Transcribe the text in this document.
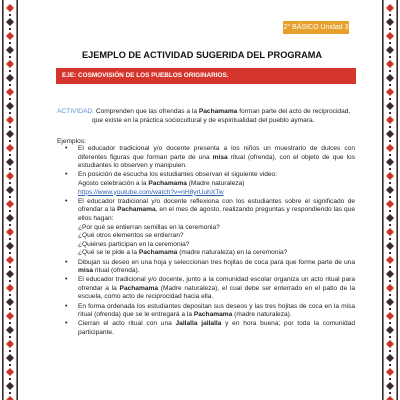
2° BÁSICO Unidad 3
EJEMPLO DE ACTIVIDAD SUGERIDA DEL PROGRAMA
EJE: COSMOVISIÓN DE LOS PUEBLOS ORIGINARIOS.
ACTIVIDAD: Comprenden que las ofrendas a la Pachamama forman parte del acto de reciprocidad,
que existe en la práctica sociocultural y de espiritualidad del pueblo aymara.
Ejemplos:
• El educador tradicional y/o docente presenta a los niños un muestrario de dulces con diferentes figuras que forman parte de una misa ritual (ofrenda), con el objeto de que los estudiantes lo observen y manipulen.
• En posición de escucha los estudiantes observan el siguiente video:
Agosto celebración a la Pachamama (Madre naturaleza)
https://www.youtube.com/watch?v=nH8yrUuhXTw
• El educador tradicional y/o docente reflexiona con los estudiantes sobre el significado de ofrendar a la Pachamama, en el mes de agosto, realizando preguntas y respondiendo las que ellos hagan:
¿Por qué se entierran semillas en la ceremonia?
¿Qué otros elementos se entierran?
¿Quiénes participan en la ceremonia?
¿Qué se le pide a la Pachamama (madre naturaleza) en la ceremonia?
• Dibujan su deseo en una hoja y seleccionan tres hojitas de coca para que forme parte de una misa ritual (ofrenda).
• El educador tradicional y/o docente, junto a la comunidad escolar organiza un acto ritual para ofrendar a la Pachamama (Madre naturaleza), el cual debe ser enterrado en el patio de la escuela, como acto de reciprocidad hacia ella.
• En forma ordenada los estudiantes depositan sus deseos y las tres hojitas de coca en la misa ritual (ofrenda) que se le entregará a la Pachamama (madre naturaleza).
• Cierran el acto ritual con una Jallalla jallalla y en hora buena; por toda la comunidad participante.
